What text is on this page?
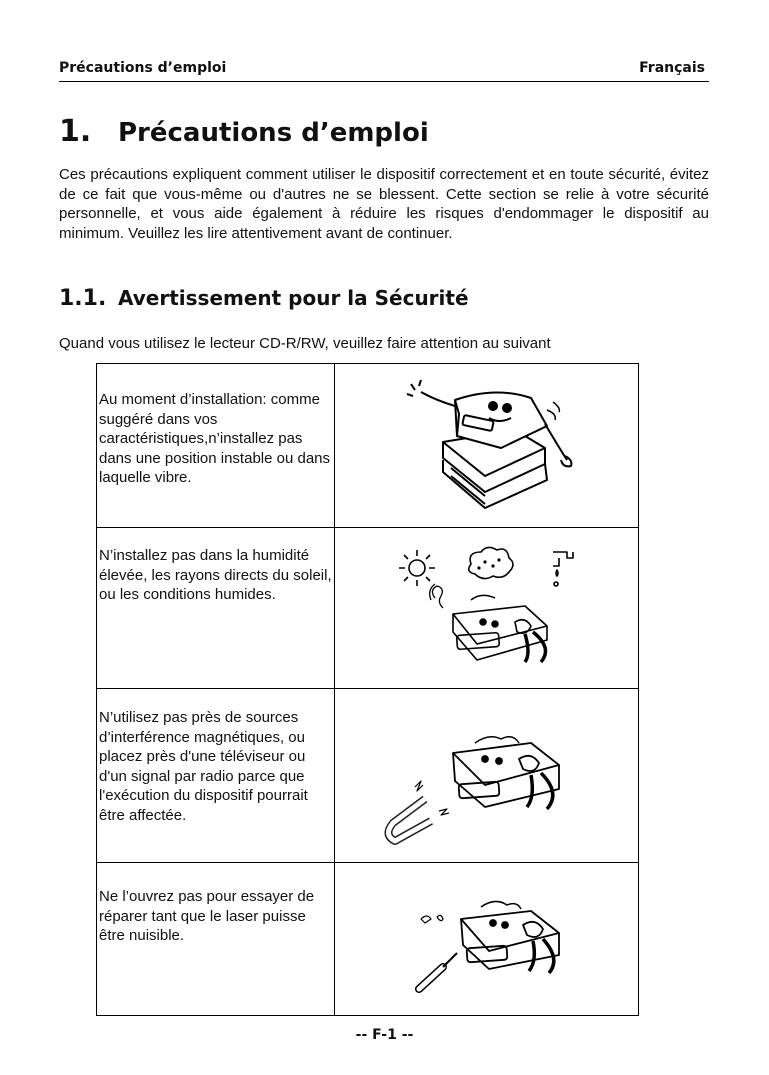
Précautions d’emploi	Français
1. Précautions d’emploi
Ces précautions expliquent comment utiliser le dispositif correctement et en toute sécurité, évitez de ce fait que vous-même ou d'autres ne se blessent. Cette section se relie à votre sécurité personnelle, et vous aide également à réduire les risques d'endommager le dispositif au minimum. Veuillez les lire attentivement avant de continuer.
1.1. Avertissement pour la Sécurité
Quand vous utilisez le lecteur CD-R/RW, veuillez faire attention au suivant
Au moment d’installation: comme suggéré dans vos caractéristiques,n’installez pas dans une position instable ou dans laquelle vibre.

N’installez pas dans la humidité élevée, les rayons directs du soleil, ou les conditions humides.

N’utilisez pas près de sources d’interférence magnétiques, ou placez près d'une téléviseur ou d'un signal par radio parce que l'exécution du dispositif pourrait être affectée.

Ne l’ouvrez pas pour essayer de réparer tant que le laser puisse être nuisible.

-- F-1 --
